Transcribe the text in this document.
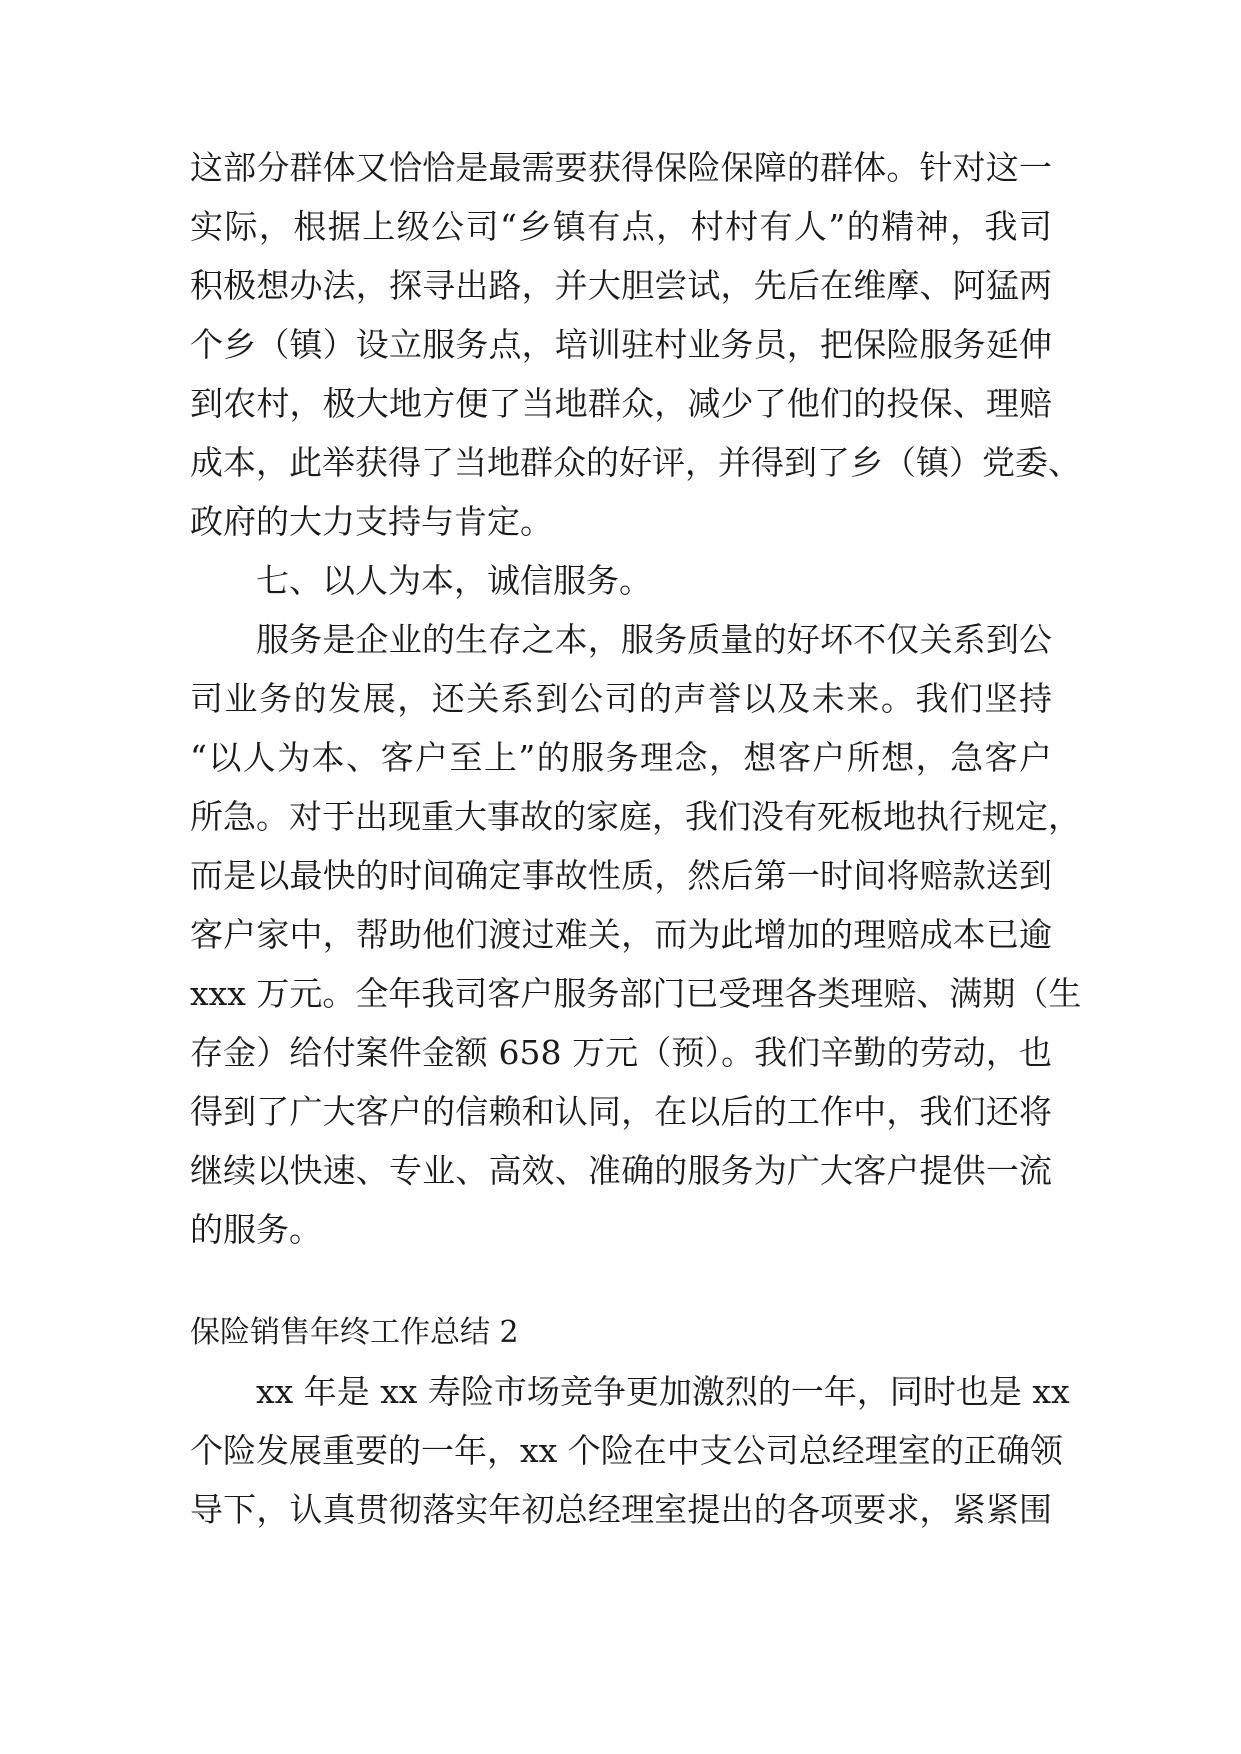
这部分群体又恰恰是最需要获得保险保障的群体。针对这一
实际，根据上级公司“乡镇有点，村村有人”的精神，我司
积极想办法，探寻出路，并大胆尝试，先后在维摩、阿猛两
个乡（镇）设立服务点，培训驻村业务员，把保险服务延伸
到农村，极大地方便了当地群众，减少了他们的投保、理赔
成本，此举获得了当地群众的好评，并得到了乡（镇）党委、
政府的大力支持与肯定。
七、以人为本，诚信服务。
服务是企业的生存之本，服务质量的好坏不仅关系到公
司业务的发展，还关系到公司的声誉以及未来。我们坚持
“以人为本、客户至上”的服务理念，想客户所想，急客户
所急。对于出现重大事故的家庭，我们没有死板地执行规定，
而是以最快的时间确定事故性质，然后第一时间将赔款送到
客户家中，帮助他们渡过难关，而为此增加的理赔成本已逾
xxx 万元。全年我司客户服务部门已受理各类理赔、满期（生
存金）给付案件金额 658 万元（预）。我们辛勤的劳动，也
得到了广大客户的信赖和认同，在以后的工作中，我们还将
继续以快速、专业、高效、准确的服务为广大客户提供一流
的服务。
保险销售年终工作总结 2
xx 年是 xx 寿险市场竞争更加激烈的一年，同时也是 xx
个险发展重要的一年，xx 个险在中支公司总经理室的正确领
导下，认真贯彻落实年初总经理室提出的各项要求，紧紧围
